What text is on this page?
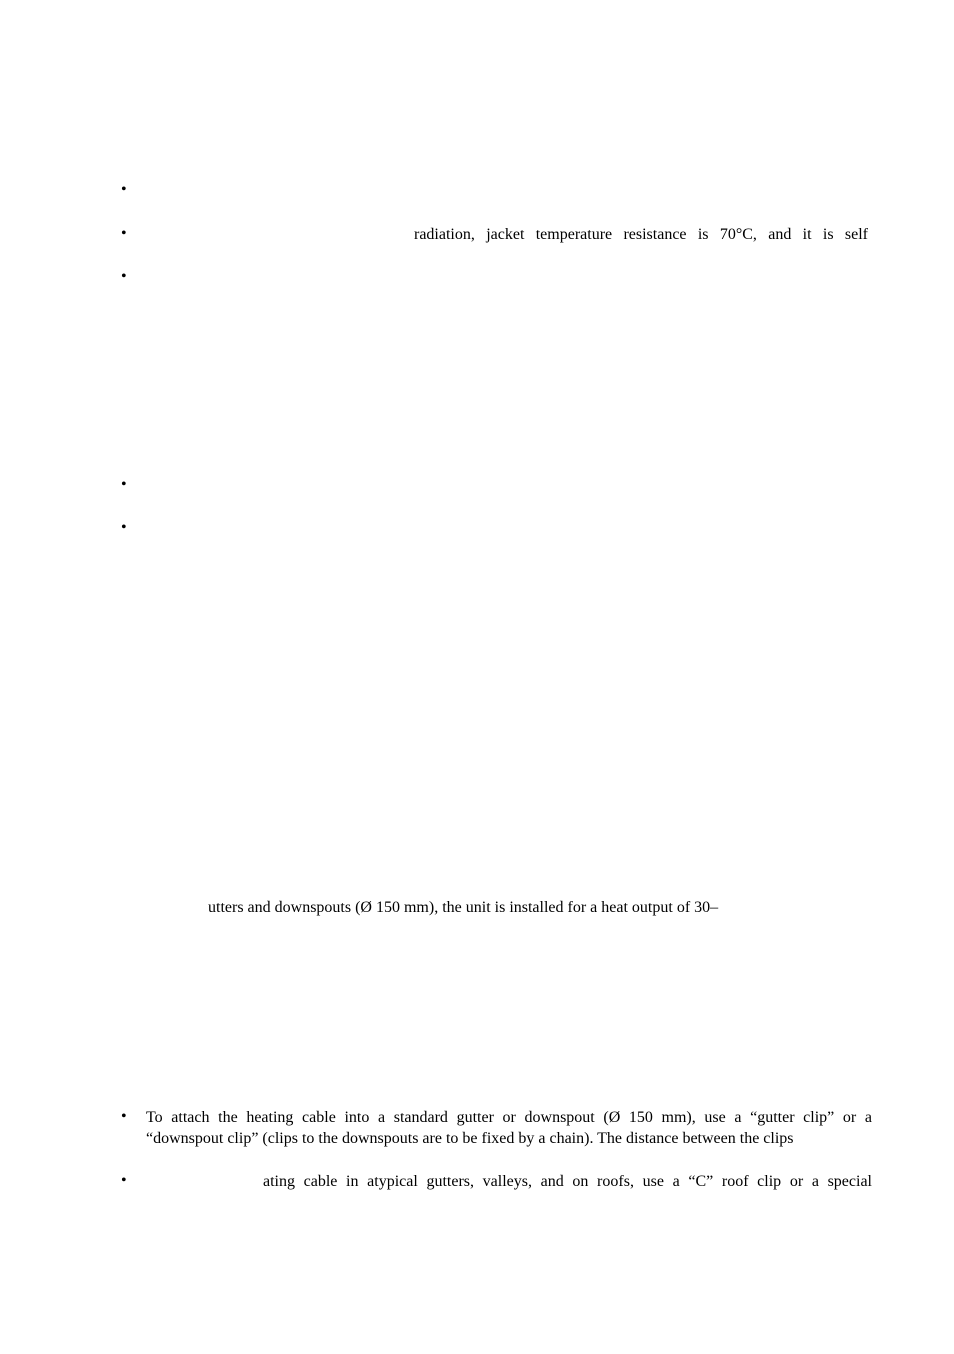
•
•	radiation, jacket temperature resistance is 70°C, and it is self
•
•
•
utters and downspouts (Ø 150 mm), the unit is installed for a heat output of 30–
• To attach the heating cable into a standard gutter or downspout (Ø 150 mm), use a “gutter clip” or a
“downspout clip” (clips to the downspouts are to be fixed by a chain). The distance between the clips
•	ating cable in atypical gutters, valleys, and on roofs, use a “C” roof clip or a special
